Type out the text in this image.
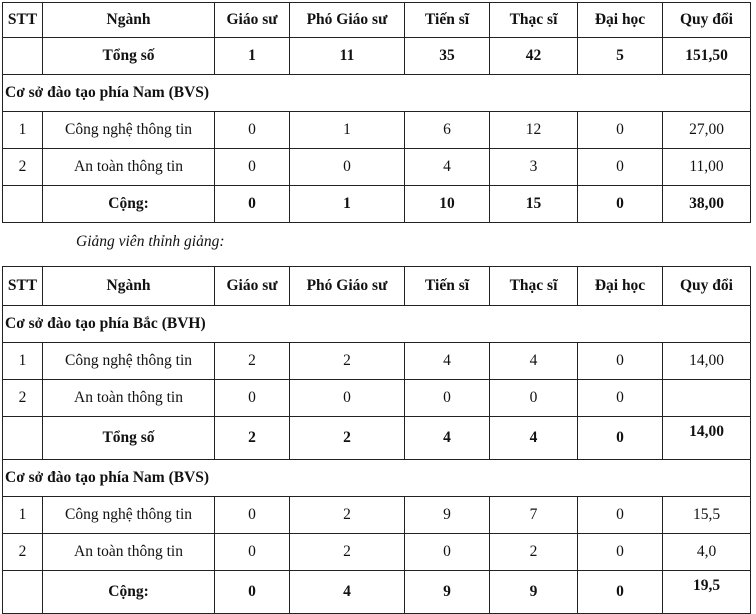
STT	Ngành	Giáo sư	Phó Giáo sư	Tiến sĩ	Thạc sĩ	Đại học	Quy đổi
	Tổng số	1	11	35	42	5	151,50
Cơ sở đào tạo phía Nam (BVS)							
1	Công nghệ thông tin	0	1	6	12	0	27,00
2	An toàn thông tin	0	0	4	3	0	11,00
	Cộng:	0	1	10	15	0	38,00
Giảng viên thỉnh giảng:
STT	Ngành	Giáo sư	Phó Giáo sư	Tiến sĩ	Thạc sĩ	Đại học	Quy đổi
Cơ sở đào tạo phía Bắc (BVH)							
1	Công nghệ thông tin	2	2	4	4	0	14,00
2	An toàn thông tin	0	0	0	0	0	
	Tổng số	2	2	4	4	0	14,00
Cơ sở đào tạo phía Nam (BVS)							
1	Công nghệ thông tin	0	2	9	7	0	15,5
2	An toàn thông tin	0	2	0	2	0	4,0
	Cộng:	0	4	9	9	0	19,5
